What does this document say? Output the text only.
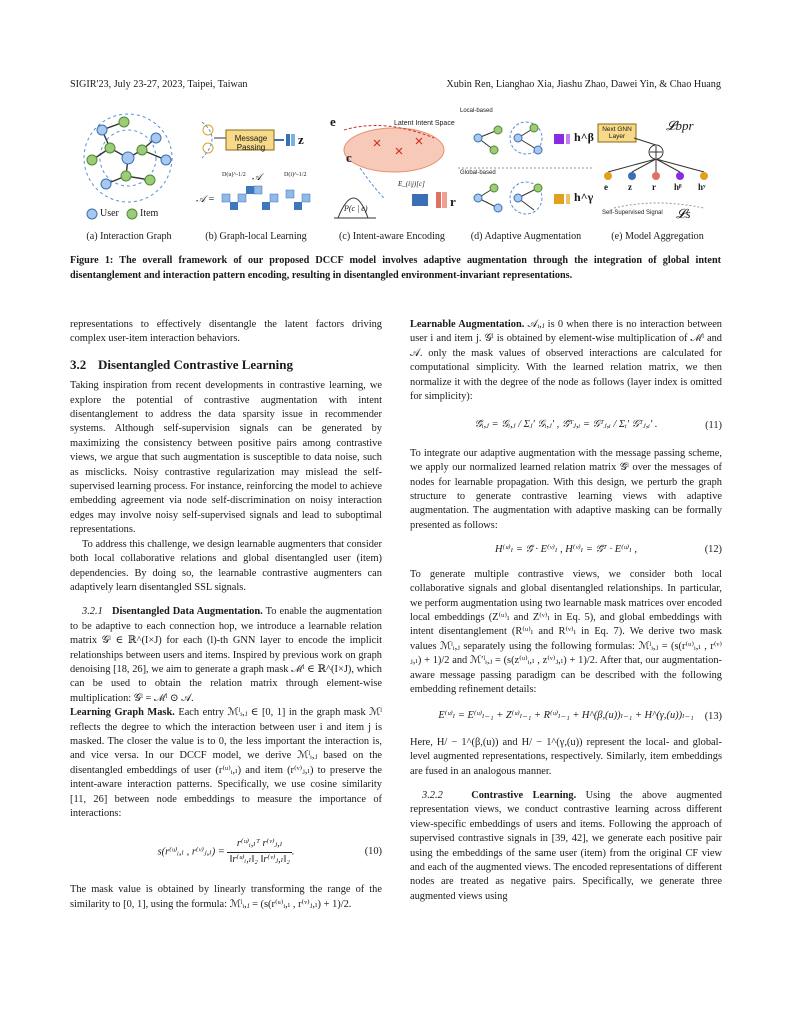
SIGIR'23, July 23-27, 2023, Taipei, Taiwan	Xubin Ren, Lianghao Xia, Jiashu Zhao, Dawei Yin, & Chao Huang
User Item
(a) Interaction Graph
Message Passing
z
𝒜 =
𝒜
D(u)^-1/2	D(i)^-1/2
(b) Graph-local Learning
e
c
r
Latent Intent Space
P(c | e)
E_(i|j)[c]
(c) Intent-aware Encoding
Local-based
Global-based
h^β
h^γ
(d) Adaptive Augmentation
Next GNN Layer
𝓛bpr
Self-Supervised Signal 𝓛s
e z r hᵝ hʸ
(e) Model Aggregation
Figure 1: The overall framework of our proposed DCCF model involves adaptive augmentation through the integration of global intent disentanglement and interaction pattern encoding, resulting in disentangled environment-invariant representations.

representations to effectively disentangle the latent factors driving complex user-item interaction behaviors.

3.2 Disentangled Contrastive Learning

Taking inspiration from recent developments in contrastive learning, we explore the potential of contrastive augmentation with intent disentanglement to address the data sparsity issue in recommender systems. Although self-supervision signals can be generated by maximizing the consistency between positive pairs among contrastive views, we argue that such augmentation is susceptible to data noise, such as misclicks. Noisy contrastive regularization may mislead the self-supervised learning process. For instance, reinforcing the model to achieve embedding agreement via node self-discrimination on noisy interaction edges may involve noisy self-supervised signals and lead to suboptimal representations.

To address this challenge, we design learnable augmenters that consider both local collaborative relations and global disentangled user (item) dependencies. By doing so, the learnable contrastive augmenters can adaptively learn disentangled SSL signals.

3.2.1 Disentangled Data Augmentation. To enable the augmentation to be adaptive to each connection hop, we introduce a learnable relation matrix 𝒢ˡ ∈ ℝ^(I×J) for each (l)-th GNN layer to encode the implicit relationships between users and items. Inspired by previous work on graph denoising [18, 26], we aim to generate a graph mask ℳˡ ∈ ℝ^(I×J), which can be used to obtain the relation matrix through element-wise multiplication: 𝒢ˡ = ℳˡ ⊙ 𝒜.

Learning Graph Mask. Each entry ℳˡᵢ,ⱼ ∈ [0, 1] in the graph mask ℳˡ reflects the degree to which the interaction between user i and item j is masked. The closer the value is to 0, the less important the interaction is, and vice versa. In our DCCF model, we derive ℳˡᵢ,ⱼ based on the disentangled embeddings of user (r⁽ᵘ⁾ᵢ,ₗ) and item (r⁽ᵛ⁾ⱼ,ₗ) to preserve the intent-aware interaction patterns. Specifically, we use cosine similarity [11, 26] between node embeddings to measure the importance of interactions:

s(r⁽ᵘ⁾ᵢ,ₗ , r⁽ᵛ⁾ⱼ,ₗ) = $\frac{\text{r⁽ᵘ⁾ᵢ,ₗᵀ r⁽ᵛ⁾ⱼ,ₗ}}{\text{‖r⁽ᵘ⁾ᵢ,ₗ‖₂ ‖r⁽ᵛ⁾ⱼ,ₗ‖₂}}$ .	(10)

The mask value is obtained by linearly transforming the range of the similarity to [0, 1], using the formula: ℳˡᵢ,ⱼ = (s(r⁽ᵘ⁾ᵢ,ₗ , r⁽ᵛ⁾ⱼ,ₗ) + 1)/2.

Learnable Augmentation. 𝒜ᵢ,ⱼ is 0 when there is no interaction between user i and item j. 𝒢ˡ is obtained by element-wise multiplication of ℳˡ and 𝒜. only the mask values of observed interactions are calculated for computational simplicity. With the learned relation matrix, we then normalize it with the degree of the node as follows (layer index is omitted for simplicity):

𝒢̄ᵢ,ⱼ = 𝒢ᵢ,ⱼ / Σⱼ′ 𝒢ᵢ,ⱼ′ , 𝒢̄ᵀⱼ,ᵢ = 𝒢ᵀⱼ,ᵢ / Σᵢ′ 𝒢ᵀⱼ,ᵢ′ .	(11)

To integrate our adaptive augmentation with the message passing scheme, we apply our normalized learned relation matrix 𝒢̄ˡ over the messages of nodes for learnable propagation. With this design, we perturb the graph structure to generate contrastive learning views with adaptive augmentation. The augmentation with adaptive masking can be formally presented as follows:

H⁽ᵘ⁾ₗ = 𝒢̄ · E⁽ᵛ⁾ₗ , H⁽ᵛ⁾ₗ = 𝒢̄ᵀ · E⁽ᵘ⁾ₗ ,	(12)

To generate multiple contrastive views, we consider both local collaborative signals and global disentangled relationships. In particular, we perform augmentation using two learnable mask matrices over encoded local embeddings (Z⁽ᵘ⁾ₗ and Z⁽ᵛ⁾ₗ in Eq. 5), and global embeddings with intent disentanglement (R⁽ᵘ⁾ₗ and R⁽ᵛ⁾ₗ in Eq. 7). We derive two mask values ℳˡᵢ,ⱼ separately using the following formulas: ℳˡᵢ,ⱼ = (s(r⁽ᵘ⁾ᵢ,ₗ , r⁽ᵛ⁾ⱼ,ₗ) + 1)/2 and ℳ′ˡᵢ,ⱼ = (s(z⁽ᵘ⁾ᵢ,ₗ , z⁽ᵛ⁾ⱼ,ₗ) + 1)/2. After that, our augmentation-aware message passing paradigm can be described with the following embedding refinement details:

E⁽ᵘ⁾ₗ = E⁽ᵘ⁾ₗ₋₁ + Z⁽ᵘ⁾ₗ₋₁ + R⁽ᵘ⁾ₗ₋₁ + H^(β,(u))ₗ₋₁ + H^(γ,(u))ₗ₋₁ (13)

Here, H/ − 1^(β,(u)) and H/ − 1^(γ,(u)) represent the local- and global-level augmented representations, respectively. Similarly, item embeddings are fused in an analogous manner.

3.2.2	Contrastive Learning. Using the above augmented representation views, we conduct contrastive learning across different view-specific embeddings of users and items. Following the approach of supervised contrastive signals in [39, 42], we generate each positive pair using the embeddings of the same user (item) from the original CF view and each of the augmented views. The encoded representations of different nodes are treated as negative pairs. Specifically, we generate three augmented views using
